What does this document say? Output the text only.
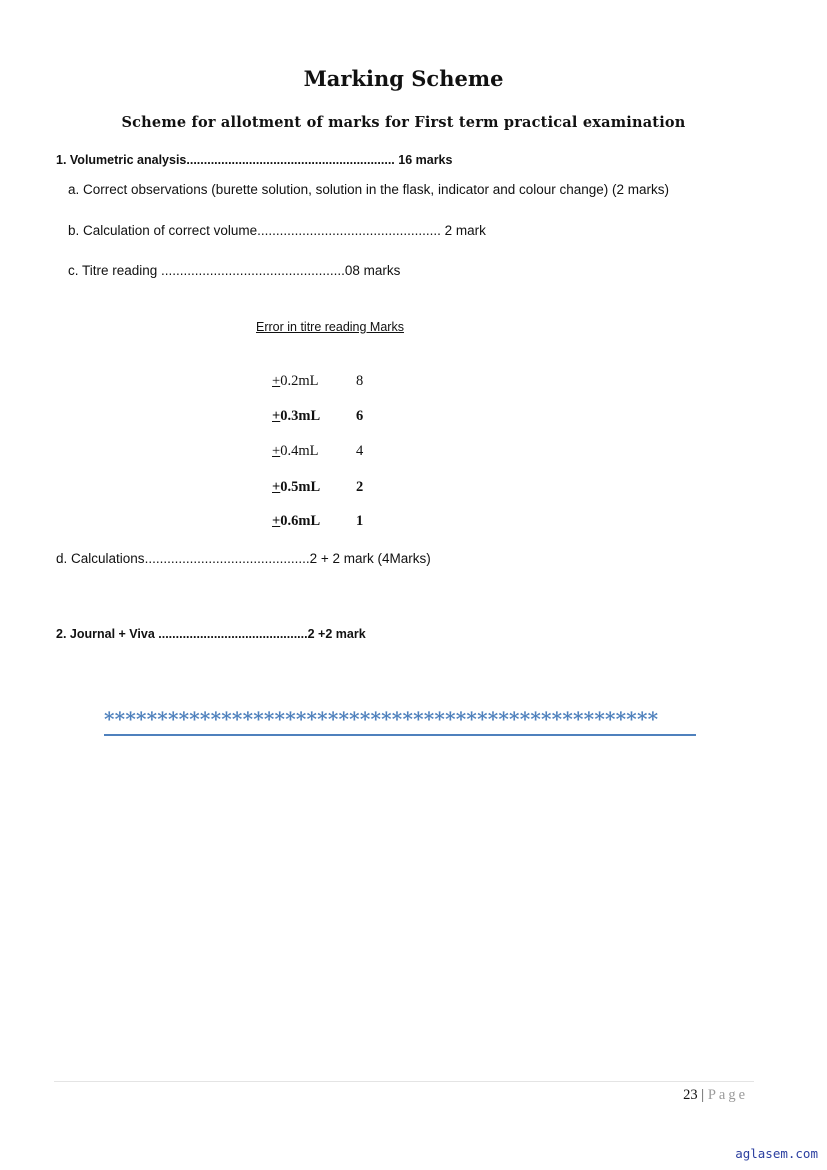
Marking Scheme
Scheme for allotment of marks for First term practical examination
1. Volumetric analysis............................................................ 16 marks
a. Correct observations (burette solution, solution in the flask, indicator and colour change) (2 marks)
b. Calculation of correct volume................................................. 2 mark
c. Titre reading .................................................08 marks
Error in titre reading Marks
+0.2mL	8
+0.3mL 6
+0.4mL	4
+0.5mL 2
+0.6mL 1
d. Calculations............................................2 + 2 mark (4Marks)
2. Journal + Viva ...........................................2 +2 mark
****************************************************
23 | Page
aglasem.com
